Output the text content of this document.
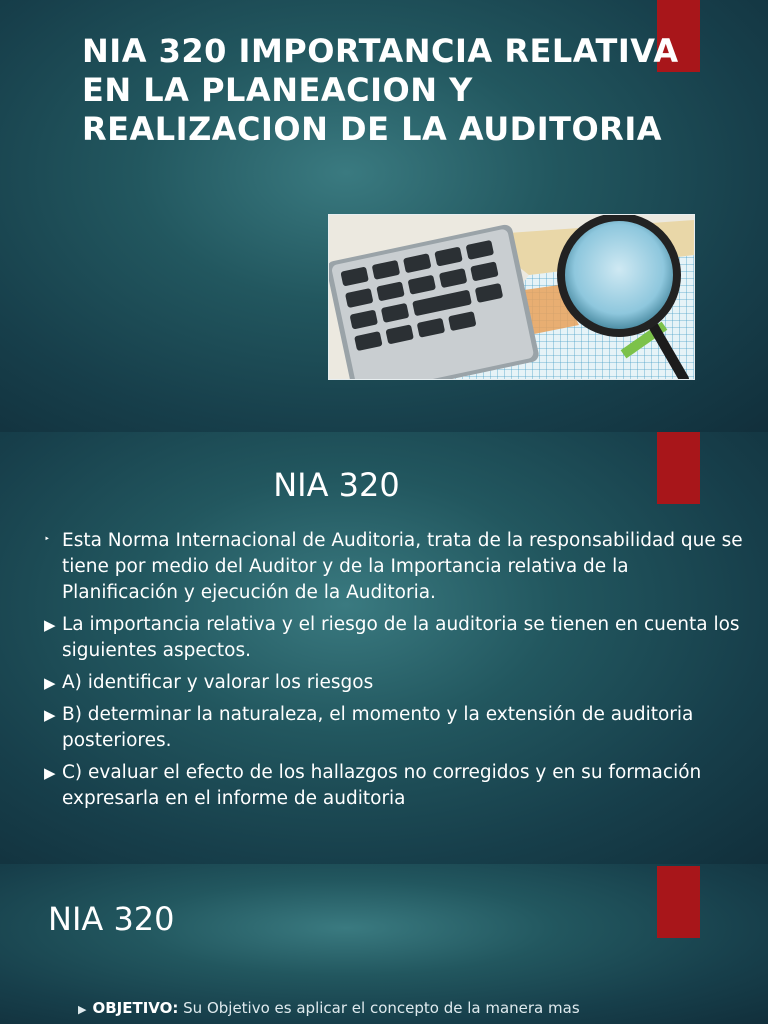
NIA 320 IMPORTANCIA RELATIVA EN LA PLANEACION Y REALIZACION DE LA AUDITORIA
NIA 320
‣ Esta Norma Internacional de Auditoria, trata de la responsabilidad que se tiene por medio del Auditor y de la Importancia relativa de la Planificación y ejecución de la Auditoria.
▶ La importancia relativa y el riesgo de la auditoria se tienen en cuenta los siguientes aspectos.
▶ A) identificar y valorar los riesgos
▶ B) determinar la naturaleza, el momento y la extensión de auditoria posteriores.
▶ C) evaluar el efecto de los hallazgos no corregidos y en su formación expresarla en el informe de auditoria
NIA 320
▶ OBJETIVO: Su Objetivo es aplicar el concepto de la manera mas
